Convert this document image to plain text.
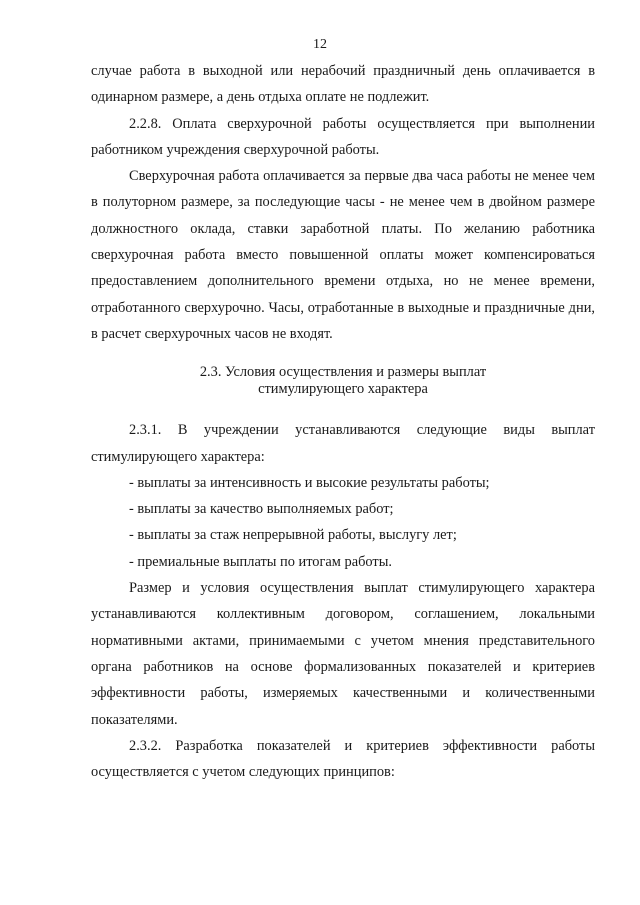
12

случае работа в выходной или нерабочий праздничный день оплачивается в одинарном размере, а день отдыха оплате не подлежит.

2.2.8. Оплата сверхурочной работы осуществляется при выполнении работником учреждения сверхурочной работы.

Сверхурочная работа оплачивается за первые два часа работы не менее чем в полуторном размере, за последующие часы - не менее чем в двойном размере должностного оклада, ставки заработной платы. По желанию работника сверхурочная работа вместо повышенной оплаты может компенсироваться предоставлением дополнительного времени отдыха, но не менее времени, отработанного сверхурочно. Часы, отработанные в выходные и праздничные дни, в расчет сверхурочных часов не входят.

2.3. Условия осуществления и размеры выплат

стимулирующего характера

2.3.1. В учреждении устанавливаются следующие виды выплат стимулирующего характера:

- выплаты за интенсивность и высокие результаты работы;

- выплаты за качество выполняемых работ;

- выплаты за стаж непрерывной работы, выслугу лет;

- премиальные выплаты по итогам работы.

Размер и условия осуществления выплат стимулирующего характера устанавливаются коллективным договором, соглашением, локальными нормативными актами, принимаемыми с учетом мнения представительного органа работников на основе формализованных показателей и критериев эффективности работы, измеряемых качественными и количественными показателями.

2.3.2. Разработка показателей и критериев эффективности работы осуществляется с учетом следующих принципов:
